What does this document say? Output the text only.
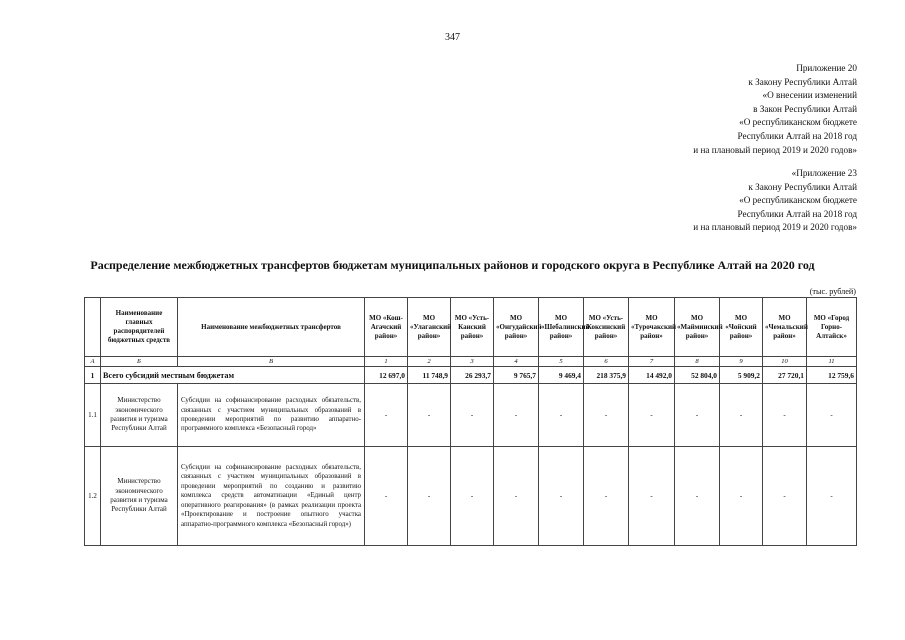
347
Приложение 20
к Закону Республики Алтай
«О внесении изменений
в Закон Республики Алтай
«О республиканском бюджете
Республики Алтай на 2018 год
и на плановый период 2019 и 2020 годов»
«Приложение 23
к Закону Республики Алтай
«О республиканском бюджете
Республики Алтай на 2018 год
и на плановый период 2019 и 2020 годов»
Распределение межбюджетных трансфертов бюджетам муниципальных районов и городского округа в Республике Алтай на 2020 год
(тыс. рублей)
	Наименование главных распорядителей бюджетных средств	Наименование межбюджетных трансфертов	МО «Кош-Агачский район»	МО «Улаганский район»	МО «Усть-Канский район»	МО «Онгудайский район»	МО «Шебалинский район»	МО «Усть-Коксинский район»	МО «Турочакский район»	МО «Майминский район»	МО «Чойский район»	МО «Чемальский район»	МО «Город Горно-Алтайск»
А	Б	В	1	2	3	4	5	6	7	8	9	10	11
1	Всего субсидий местным бюджетам		12 697,0	11 748,9	26 293,7	9 765,7	9 469,4	218 375,9	14 492,0	52 804,0	5 909,2	27 720,1	12 759,6
1.1	Министерство экономического развития и туризма Республики Алтай	Субсидии на софинансирование расходных обязательств, связанных с участием муниципальных образований в проведении мероприятий по развитию аппаратно-программного комплекса «Безопасный город»	-	-	-	-	-	-	-	-	-	-	-
1.2	Министерство экономического развития и туризма Республики Алтай	Субсидии на софинансирование расходных обязательств, связанных с участием муниципальных образований в проведении мероприятий по созданию и развитию комплекса средств автоматизации «Единый центр оперативного реагирования» (в рамках реализации проекта «Проектирование и построение опытного участка аппаратно-программного комплекса «Безопасный город»)	-	-	-	-	-	-	-	-	-	-	-
